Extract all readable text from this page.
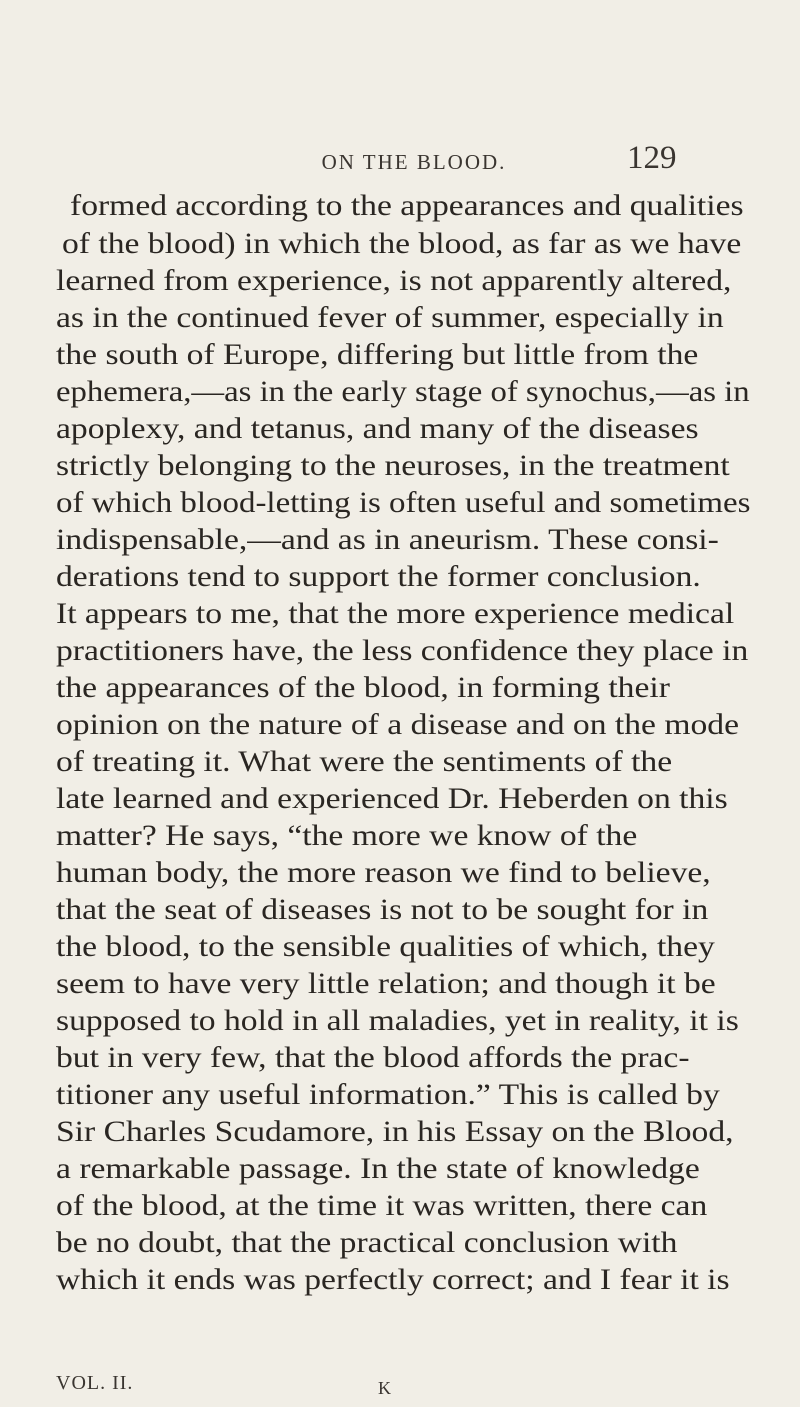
ON THE BLOOD.	129
formed according to the appearances and qualities
of the blood) in which the blood, as far as we have
learned from experience, is not apparently altered,
as in the continued fever of summer, especially in
the south of Europe, differing but little from the
ephemera,—as in the early stage of synochus,—as in
apoplexy, and tetanus, and many of the diseases
strictly belonging to the neuroses, in the treatment
of which blood-letting is often useful and sometimes
indispensable,—and as in aneurism. These consi-
derations tend to support the former conclusion.
It appears to me, that the more experience medical
practitioners have, the less confidence they place in
the appearances of the blood, in forming their
opinion on the nature of a disease and on the mode
of treating it. What were the sentiments of the
late learned and experienced Dr. Heberden on this
matter? He says, “the more we know of the
human body, the more reason we find to believe,
that the seat of diseases is not to be sought for in
the blood, to the sensible qualities of which, they
seem to have very little relation; and though it be
supposed to hold in all maladies, yet in reality, it is
but in very few, that the blood affords the prac-
titioner any useful information.” This is called by
Sir Charles Scudamore, in his Essay on the Blood,
a remarkable passage. In the state of knowledge
of the blood, at the time it was written, there can
be no doubt, that the practical conclusion with
which it ends was perfectly correct; and I fear it is
VOL. II.	K
